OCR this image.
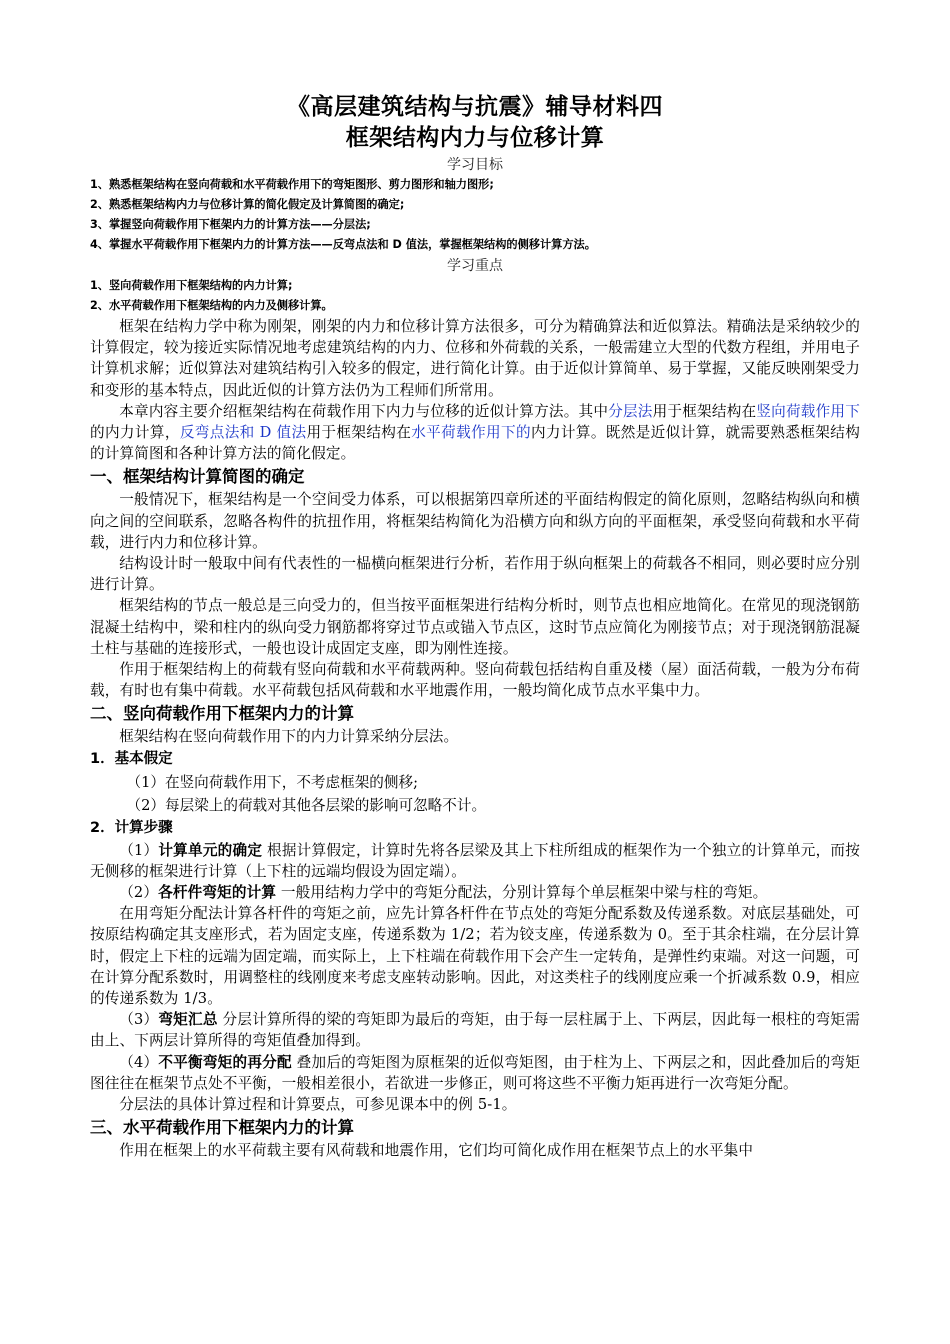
《高层建筑结构与抗震》辅导材料四
框架结构内力与位移计算
学习目标
1、熟悉框架结构在竖向荷载和水平荷载作用下的弯矩图形、剪力图形和轴力图形;
2、熟悉框架结构内力与位移计算的简化假定及计算简图的确定;
3、掌握竖向荷载作用下框架内力的计算方法——分层法;
4、掌握水平荷载作用下框架内力的计算方法——反弯点法和 D 值法，掌握框架结构的侧移计算方法。
学习重点
1、竖向荷载作用下框架结构的内力计算;
2、水平荷载作用下框架结构的内力及侧移计算。

框架在结构力学中称为刚架，刚架的内力和位移计算方法很多，可分为精确算法和近似算法。精确法是采纳较少的计算假定，较为接近实际情况地考虑建筑结构的内力、位移和外荷载的关系，一般需建立大型的代数方程组，并用电子计算机求解；近似算法对建筑结构引入较多的假定，进行简化计算。由于近似计算简单、易于掌握，又能反映刚架受力和变形的基本特点，因此近似的计算方法仍为工程师们所常用。

本章内容主要介绍框架结构在荷载作用下内力与位移的近似计算方法。其中分层法用于框架结构在竖向荷载作用下的内力计算，反弯点法和 D 值法用于框架结构在水平荷载作用下的内力计算。既然是近似计算，就需要熟悉框架结构的计算简图和各种计算方法的简化假定。

一、框架结构计算简图的确定

一般情况下，框架结构是一个空间受力体系，可以根据第四章所述的平面结构假定的简化原则，忽略结构纵向和横向之间的空间联系，忽略各构件的抗扭作用，将框架结构简化为沿横方向和纵方向的平面框架，承受竖向荷载和水平荷载，进行内力和位移计算。

结构设计时一般取中间有代表性的一榀横向框架进行分析，若作用于纵向框架上的荷载各不相同，则必要时应分别进行计算。

框架结构的节点一般总是三向受力的，但当按平面框架进行结构分析时，则节点也相应地简化。在常见的现浇钢筋混凝土结构中，梁和柱内的纵向受力钢筋都将穿过节点或锚入节点区，这时节点应简化为刚接节点；对于现浇钢筋混凝土柱与基础的连接形式，一般也设计成固定支座，即为刚性连接。

作用于框架结构上的荷载有竖向荷载和水平荷载两种。竖向荷载包括结构自重及楼（屋）面活荷载，一般为分布荷载，有时也有集中荷载。水平荷载包括风荷载和水平地震作用，一般均简化成节点水平集中力。

二、竖向荷载作用下框架内力的计算

框架结构在竖向荷载作用下的内力计算采纳分层法。

1．基本假定

（1）在竖向荷载作用下，不考虑框架的侧移;

（2）每层梁上的荷载对其他各层梁的影响可忽略不计。

2．计算步骤

（1）计算单元的确定 根据计算假定，计算时先将各层梁及其上下柱所组成的框架作为一个独立的计算单元，而按无侧移的框架进行计算（上下柱的远端均假设为固定端）。

（2）各杆件弯矩的计算 一般用结构力学中的弯矩分配法，分别计算每个单层框架中梁与柱的弯矩。

在用弯矩分配法计算各杆件的弯矩之前，应先计算各杆件在节点处的弯矩分配系数及传递系数。对底层基础处，可按原结构确定其支座形式，若为固定支座，传递系数为 1/2；若为铰支座，传递系数为 0。至于其余柱端，在分层计算时，假定上下柱的远端为固定端，而实际上，上下柱端在荷载作用下会产生一定转角，是弹性约束端。对这一问题，可在计算分配系数时，用调整柱的线刚度来考虑支座转动影响。因此，对这类柱子的线刚度应乘一个折减系数 0.9，相应的传递系数为 1/3。

（3）弯矩汇总 分层计算所得的梁的弯矩即为最后的弯矩，由于每一层柱属于上、下两层，因此每一根柱的弯矩需由上、下两层计算所得的弯矩值叠加得到。

（4）不平衡弯矩的再分配 叠加后的弯矩图为原框架的近似弯矩图，由于柱为上、下两层之和，因此叠加后的弯矩图往往在框架节点处不平衡，一般相差很小，若欲进一步修正，则可将这些不平衡力矩再进行一次弯矩分配。

分层法的具体计算过程和计算要点，可参见课本中的例 5-1。

三、水平荷载作用下框架内力的计算

作用在框架上的水平荷载主要有风荷载和地震作用，它们均可简化成作用在框架节点上的水平集中
